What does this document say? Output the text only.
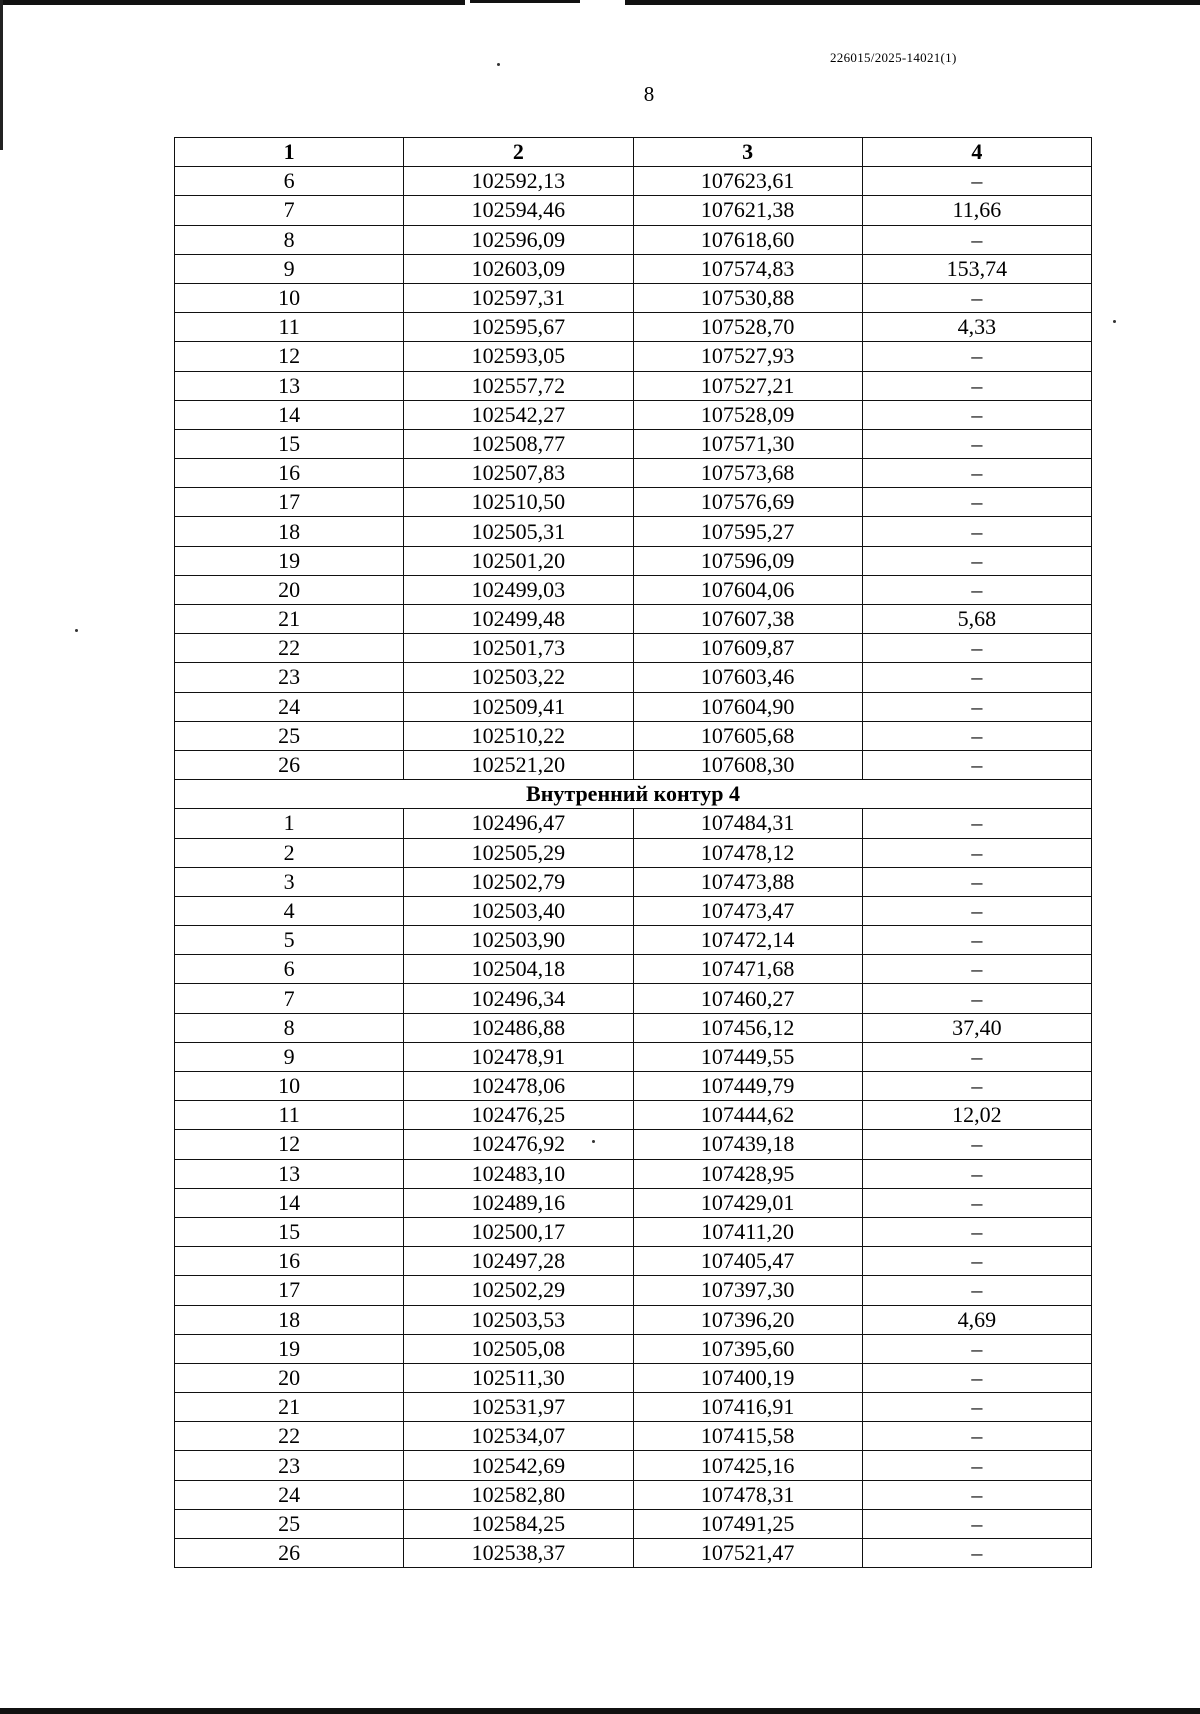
226015/2025-14021(1)
8
1	2	3	4
6	102592,13	107623,61	–
7	102594,46	107621,38	11,66
8	102596,09	107618,60	–
9	102603,09	107574,83	153,74
10	102597,31	107530,88	–
11	102595,67	107528,70	4,33
12	102593,05	107527,93	–
13	102557,72	107527,21	–
14	102542,27	107528,09	–
15	102508,77	107571,30	–
16	102507,83	107573,68	–
17	102510,50	107576,69	–
18	102505,31	107595,27	–
19	102501,20	107596,09	–
20	102499,03	107604,06	–
21	102499,48	107607,38	5,68
22	102501,73	107609,87	–
23	102503,22	107603,46	–
24	102509,41	107604,90	–
25	102510,22	107605,68	–
26	102521,20	107608,30	–
Внутренний контур 4			
1	102496,47	107484,31	–
2	102505,29	107478,12	–
3	102502,79	107473,88	–
4	102503,40	107473,47	–
5	102503,90	107472,14	–
6	102504,18	107471,68	–
7	102496,34	107460,27	–
8	102486,88	107456,12	37,40
9	102478,91	107449,55	–
10	102478,06	107449,79	–
11	102476,25	107444,62	12,02
12	102476,92	107439,18	–
13	102483,10	107428,95	–
14	102489,16	107429,01	–
15	102500,17	107411,20	–
16	102497,28	107405,47	–
17	102502,29	107397,30	–
18	102503,53	107396,20	4,69
19	102505,08	107395,60	–
20	102511,30	107400,19	–
21	102531,97	107416,91	–
22	102534,07	107415,58	–
23	102542,69	107425,16	–
24	102582,80	107478,31	–
25	102584,25	107491,25	–
26	102538,37	107521,47	–
